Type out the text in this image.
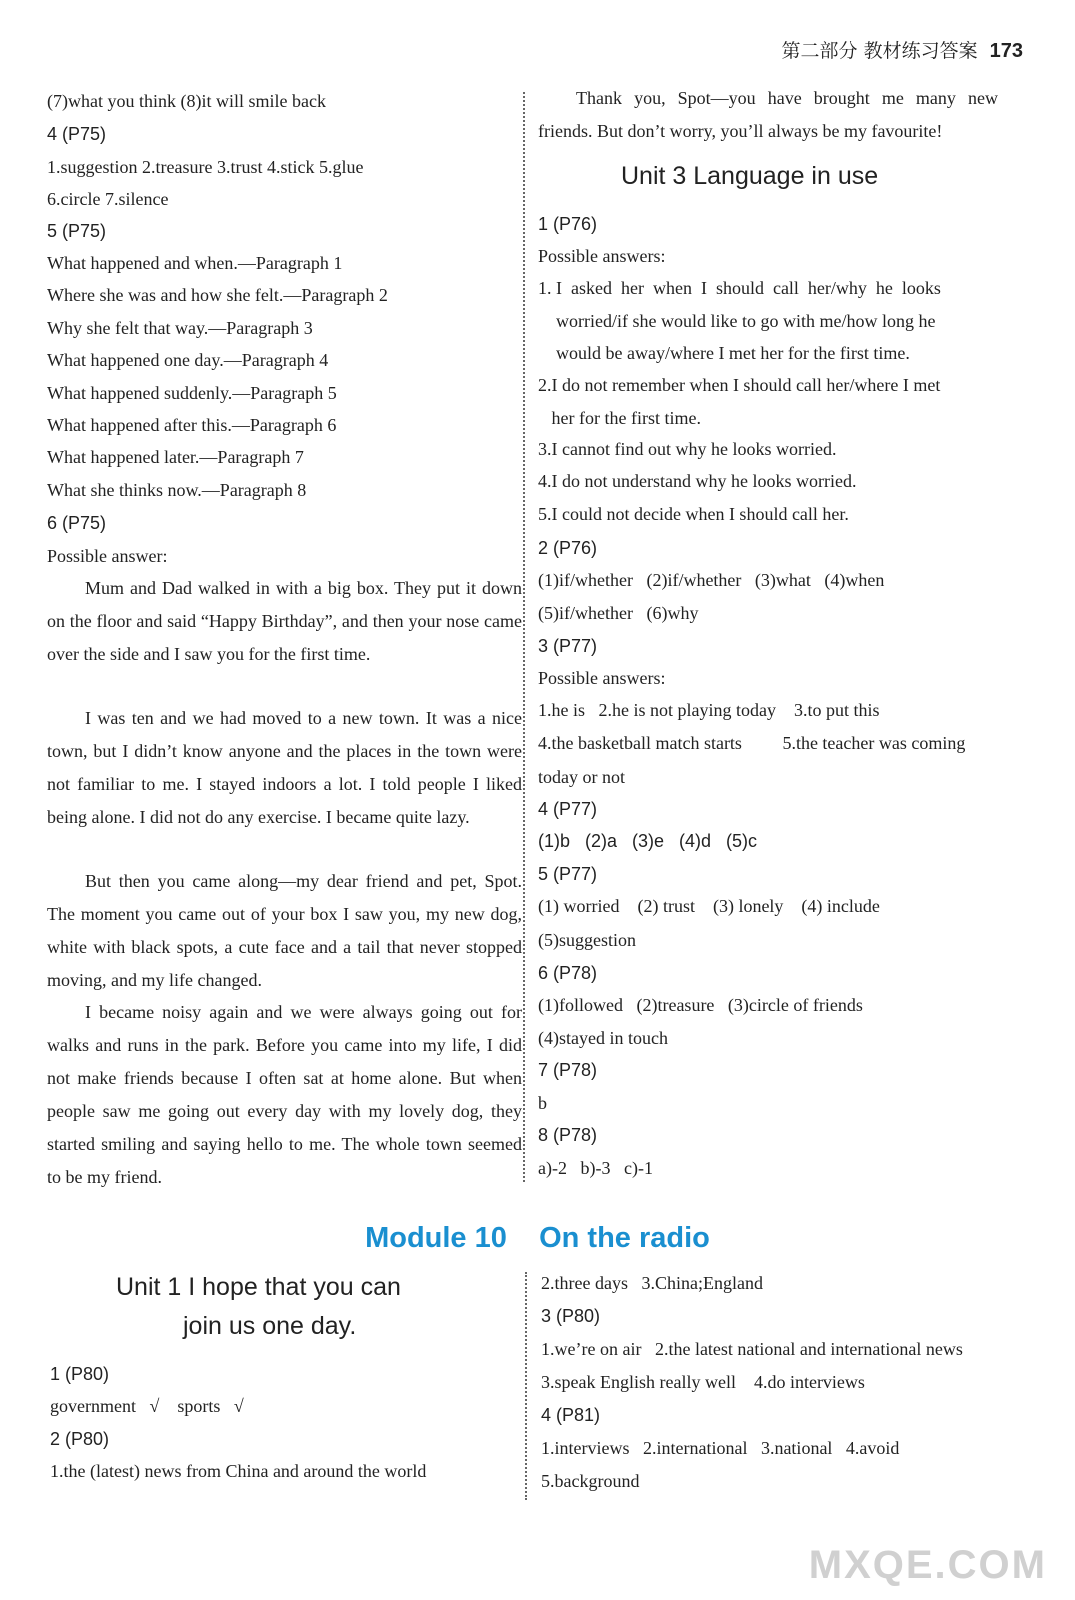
第二部分 教材练习答案 173
(7)what you think (8)it will smile back
4 (P75)
1.suggestion 2.treasure 3.trust 4.stick 5.glue
6.circle 7.silence
5 (P75)
What happened and when.—Paragraph 1
Where she was and how she felt.—Paragraph 2
Why she felt that way.—Paragraph 3
What happened one day.—Paragraph 4
What happened suddenly.—Paragraph 5
What happened after this.—Paragraph 6
What happened later.—Paragraph 7
What she thinks now.—Paragraph 8
6 (P75)
Possible answer:
Mum and Dad walked in with a big box. They put it down on the floor and said “Happy Birthday”, and then your nose came over the side and I saw you for the first time.
I was ten and we had moved to a new town. It was a nice town, but I didn’t know anyone and the places in the town were not familiar to me. I stayed indoors a lot. I told people I liked being alone. I did not do any exercise. I became quite lazy.
But then you came along—my dear friend and pet, Spot. The moment you came out of your box I saw you, my new dog, white with black spots, a cute face and a tail that never stopped moving, and my life changed.
I became noisy again and we were always going out for walks and runs in the park. Before you came into my life, I did not make friends because I often sat at home alone. But when people saw me going out every day with my lovely dog, they started smiling and saying hello to me. The whole town seemed to be my friend.
Thank you, Spot—you have brought me many new friends. But don’t worry, you’ll always be my favourite!
Unit 3 Language in use
1 (P76)
Possible answers:
1. I  asked  her  when  I  should  call  her/why  he  looks
worried/if she would like to go with me/how long he
would be away/where I met her for the first time.
2.I do not remember when I should call her/where I met
her for the first time.
3.I cannot find out why he looks worried.
4.I do not understand why he looks worried.
5.I could not decide when I should call her.
2 (P76)
(1)if/whether   (2)if/whether   (3)what   (4)when
(5)if/whether   (6)why
3 (P77)
Possible answers:
1.he is   2.he is not playing today    3.to put this
4.the basketball match starts         5.the teacher was coming
today or not
4 (P77)
(1)b   (2)a   (3)e   (4)d   (5)c
5 (P77)
(1) worried    (2) trust    (3) lonely    (4) include
(5)suggestion
6 (P78)
(1)followed   (2)treasure   (3)circle of friends
(4)stayed in touch
7 (P78)
b
8 (P78)
a)-2   b)-3   c)-1
Module 10    On the radio
Unit 1 I hope that you can
join us one day.
1 (P80)
government   √    sports   √
2 (P80)
1.the (latest) news from China and around the world
2.three days   3.China;England
3 (P80)
1.we’re on air   2.the latest national and international news
3.speak English really well    4.do interviews
4 (P81)
1.interviews   2.international   3.national   4.avoid
5.background
MXQE.COM
